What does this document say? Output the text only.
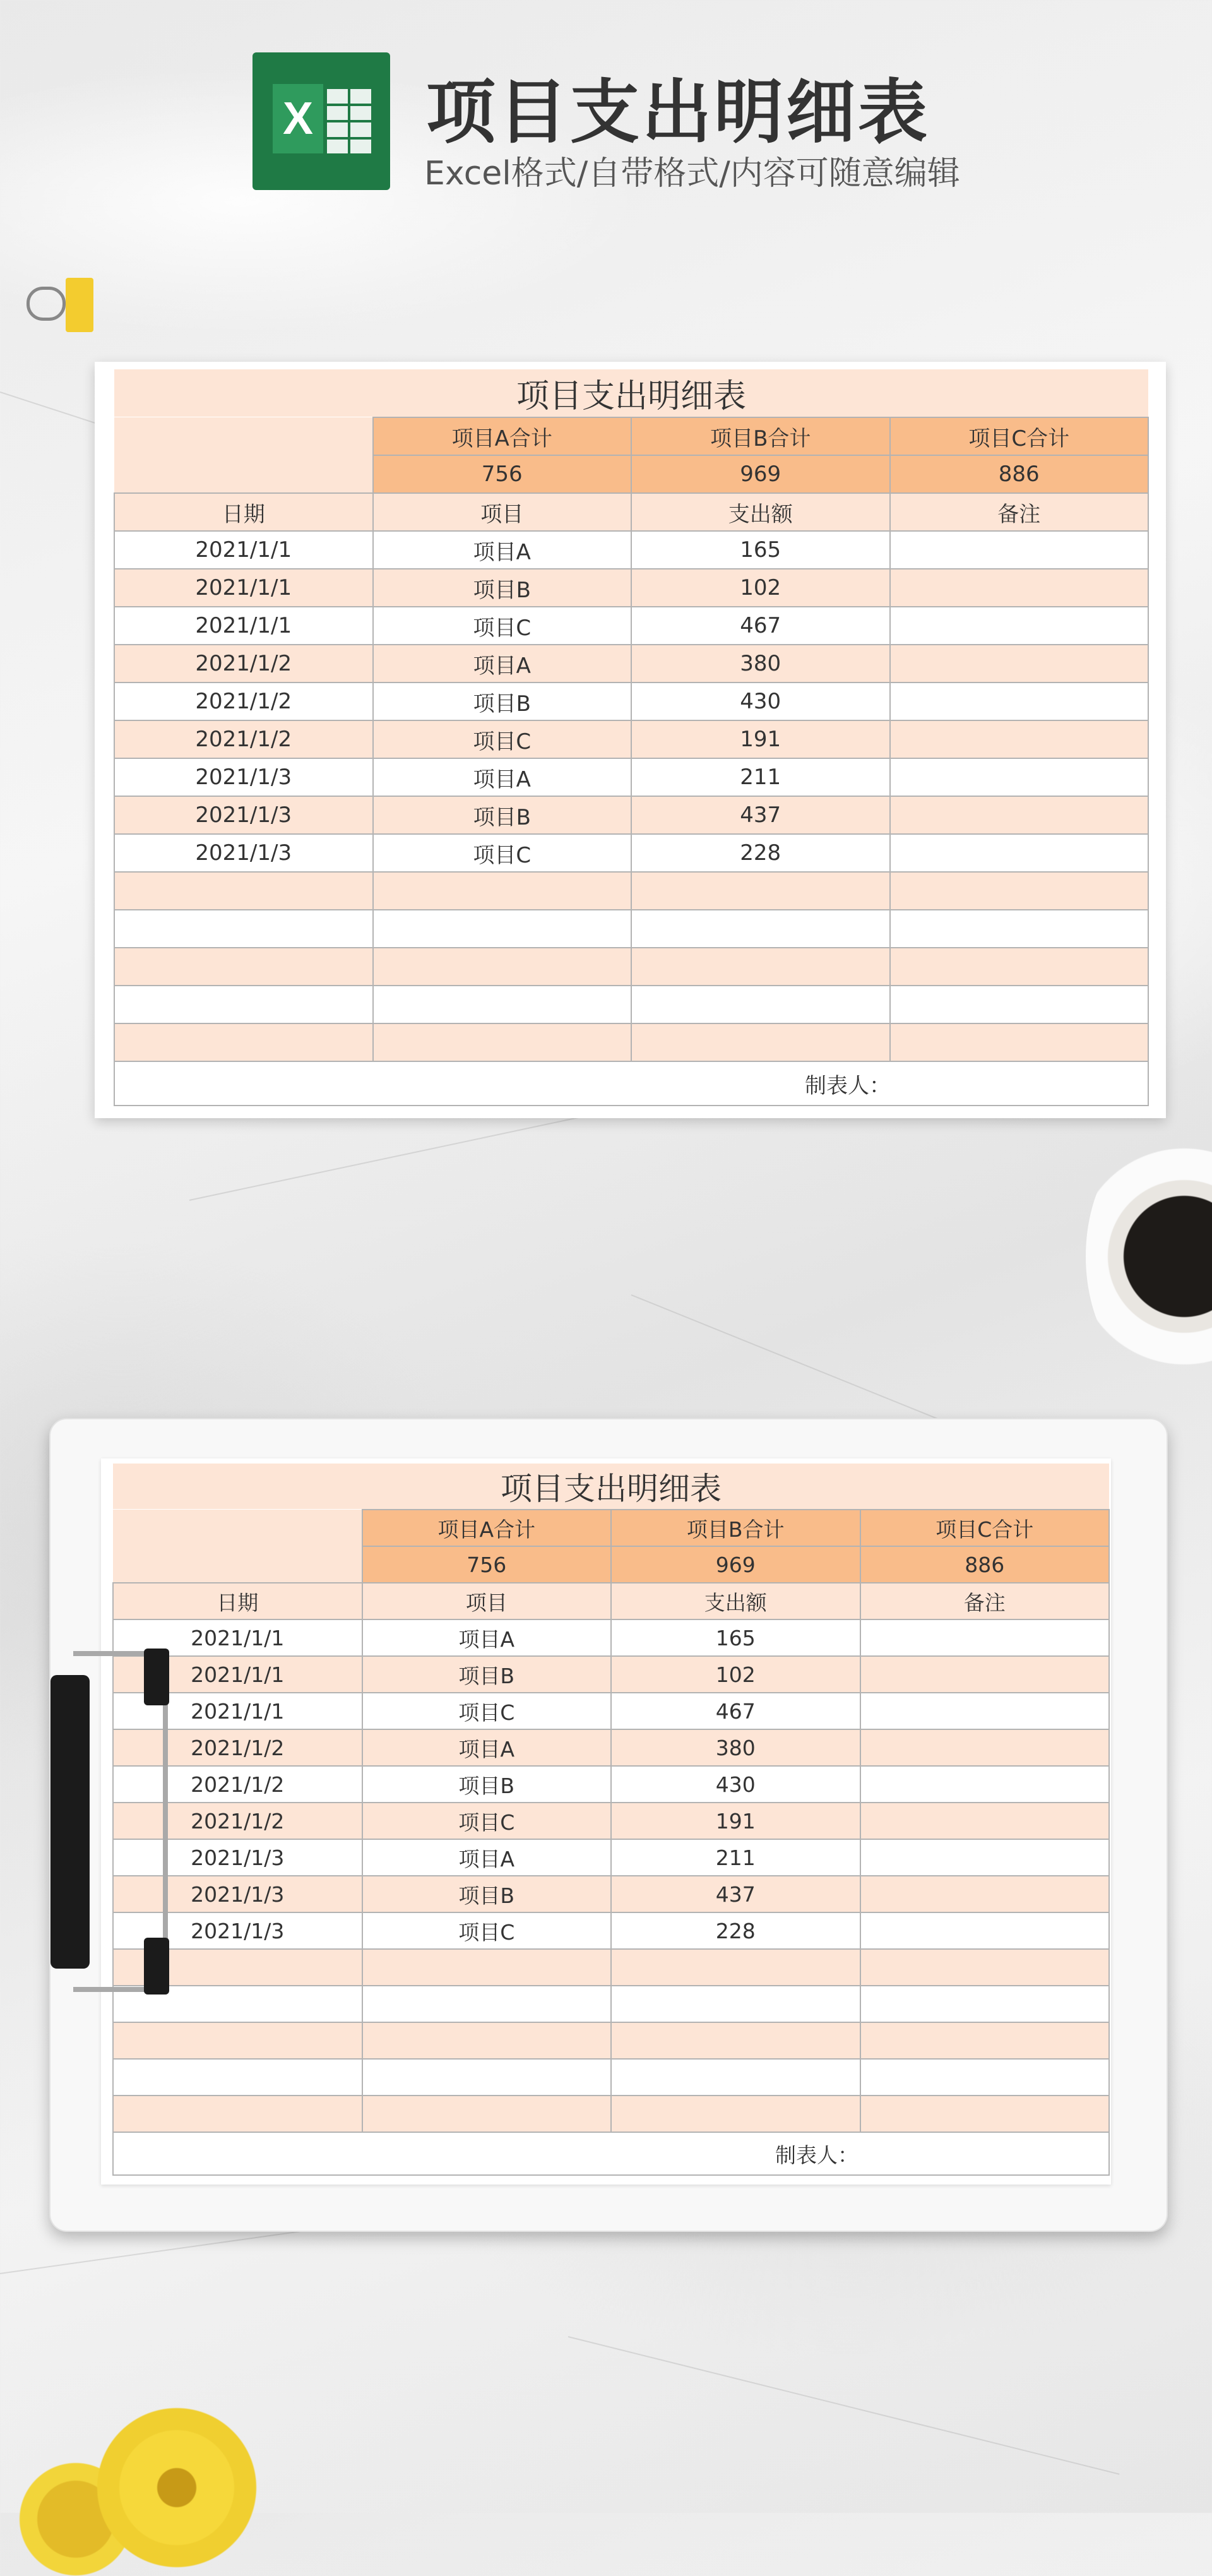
X 项目支出明细表
Excel格式/自带格式/内容可随意编辑
项目支出明细表			
	项目A合计	项目B合计	项目C合计
	756	969	886
日期	项目	支出额	备注
2021/1/1	项目A	165	
2021/1/1	项目B	102	
2021/1/1	项目C	467	
2021/1/2	项目A	380	
2021/1/2	项目B	430	
2021/1/2	项目C	191	
2021/1/3	项目A	211	
2021/1/3	项目B	437	
2021/1/3	项目C	228	

制表人：			
项目支出明细表			
	项目A合计	项目B合计	项目C合计
	756	969	886
日期	项目	支出额	备注
2021/1/1	项目A	165	
2021/1/1	项目B	102	
2021/1/1	项目C	467	
2021/1/2	项目A	380	
2021/1/2	项目B	430	
2021/1/2	项目C	191	
2021/1/3	项目A	211	
2021/1/3	项目B	437	
2021/1/3	项目C	228	

制表人：			
